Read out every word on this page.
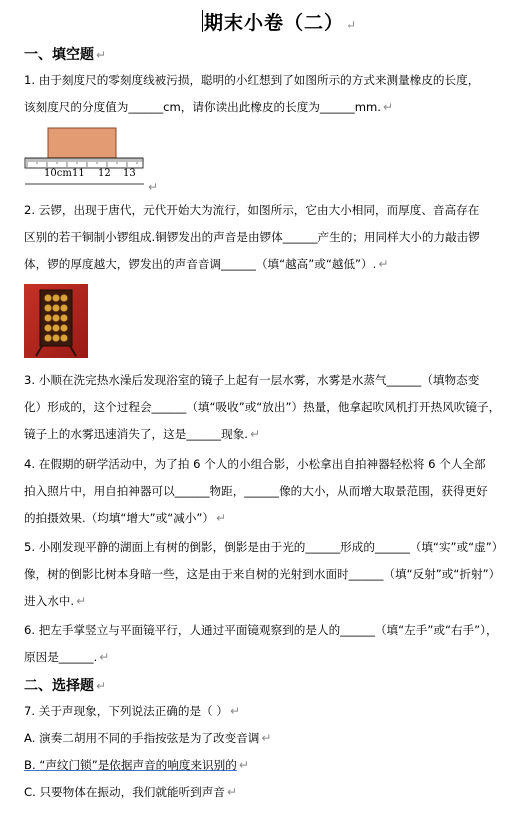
期末小卷（二） ↵
一、填空题 ↵
1. 由于刻度尺的零刻度线被污损，聪明的小红想到了如图所示的方式来测量橡皮的长度，
该刻度尺的分度值为______cm，请你读出此橡皮的长度为______mm. ↵
10cm 11 12 13
↵
2. 云锣，出现于唐代，元代开始大为流行，如图所示，它由大小相同，而厚度、音高存在
区别的若干铜制小锣组成.铜锣发出的声音是由锣体______产生的；用同样大小的力敲击锣
体，锣的厚度越大，锣发出的声音音调______（填“越高”或“越低”）. ↵
3. 小顺在洗完热水澡后发现浴室的镜子上起有一层水雾，水雾是水蒸气______（填物态变
化）形成的，这个过程会______（填“吸收”或“放出”）热量，他拿起吹风机打开热风吹镜子，
镜子上的水雾迅速消失了，这是______现象. ↵
4. 在假期的研学活动中，为了拍 6 个人的小组合影，小松拿出自拍神器轻松将 6 个人全部
拍入照片中，用自拍神器可以______物距，______像的大小，从而增大取景范围，获得更好
的拍摄效果.（均填“增大”或“减小”） ↵
5. 小刚发现平静的湖面上有树的倒影，倒影是由于光的______形成的______（填“实”或“虚”）
像，树的倒影比树本身暗一些，这是由于来自树的光射到水面时______（填“反射”或“折射”）
进入水中. ↵
6. 把左手掌竖立与平面镜平行，人通过平面镜观察到的是人的______（填“左手”或“右手”），
原因是______. ↵
二、选择题 ↵
7. 关于声现象，下列说法正确的是（ ） ↵
A. 演奏二胡用不同的手指按弦是为了改变音调 ↵
B. “声纹门锁”是依据声音的响度来识别的 ↵
C. 只要物体在振动，我们就能听到声音 ↵
